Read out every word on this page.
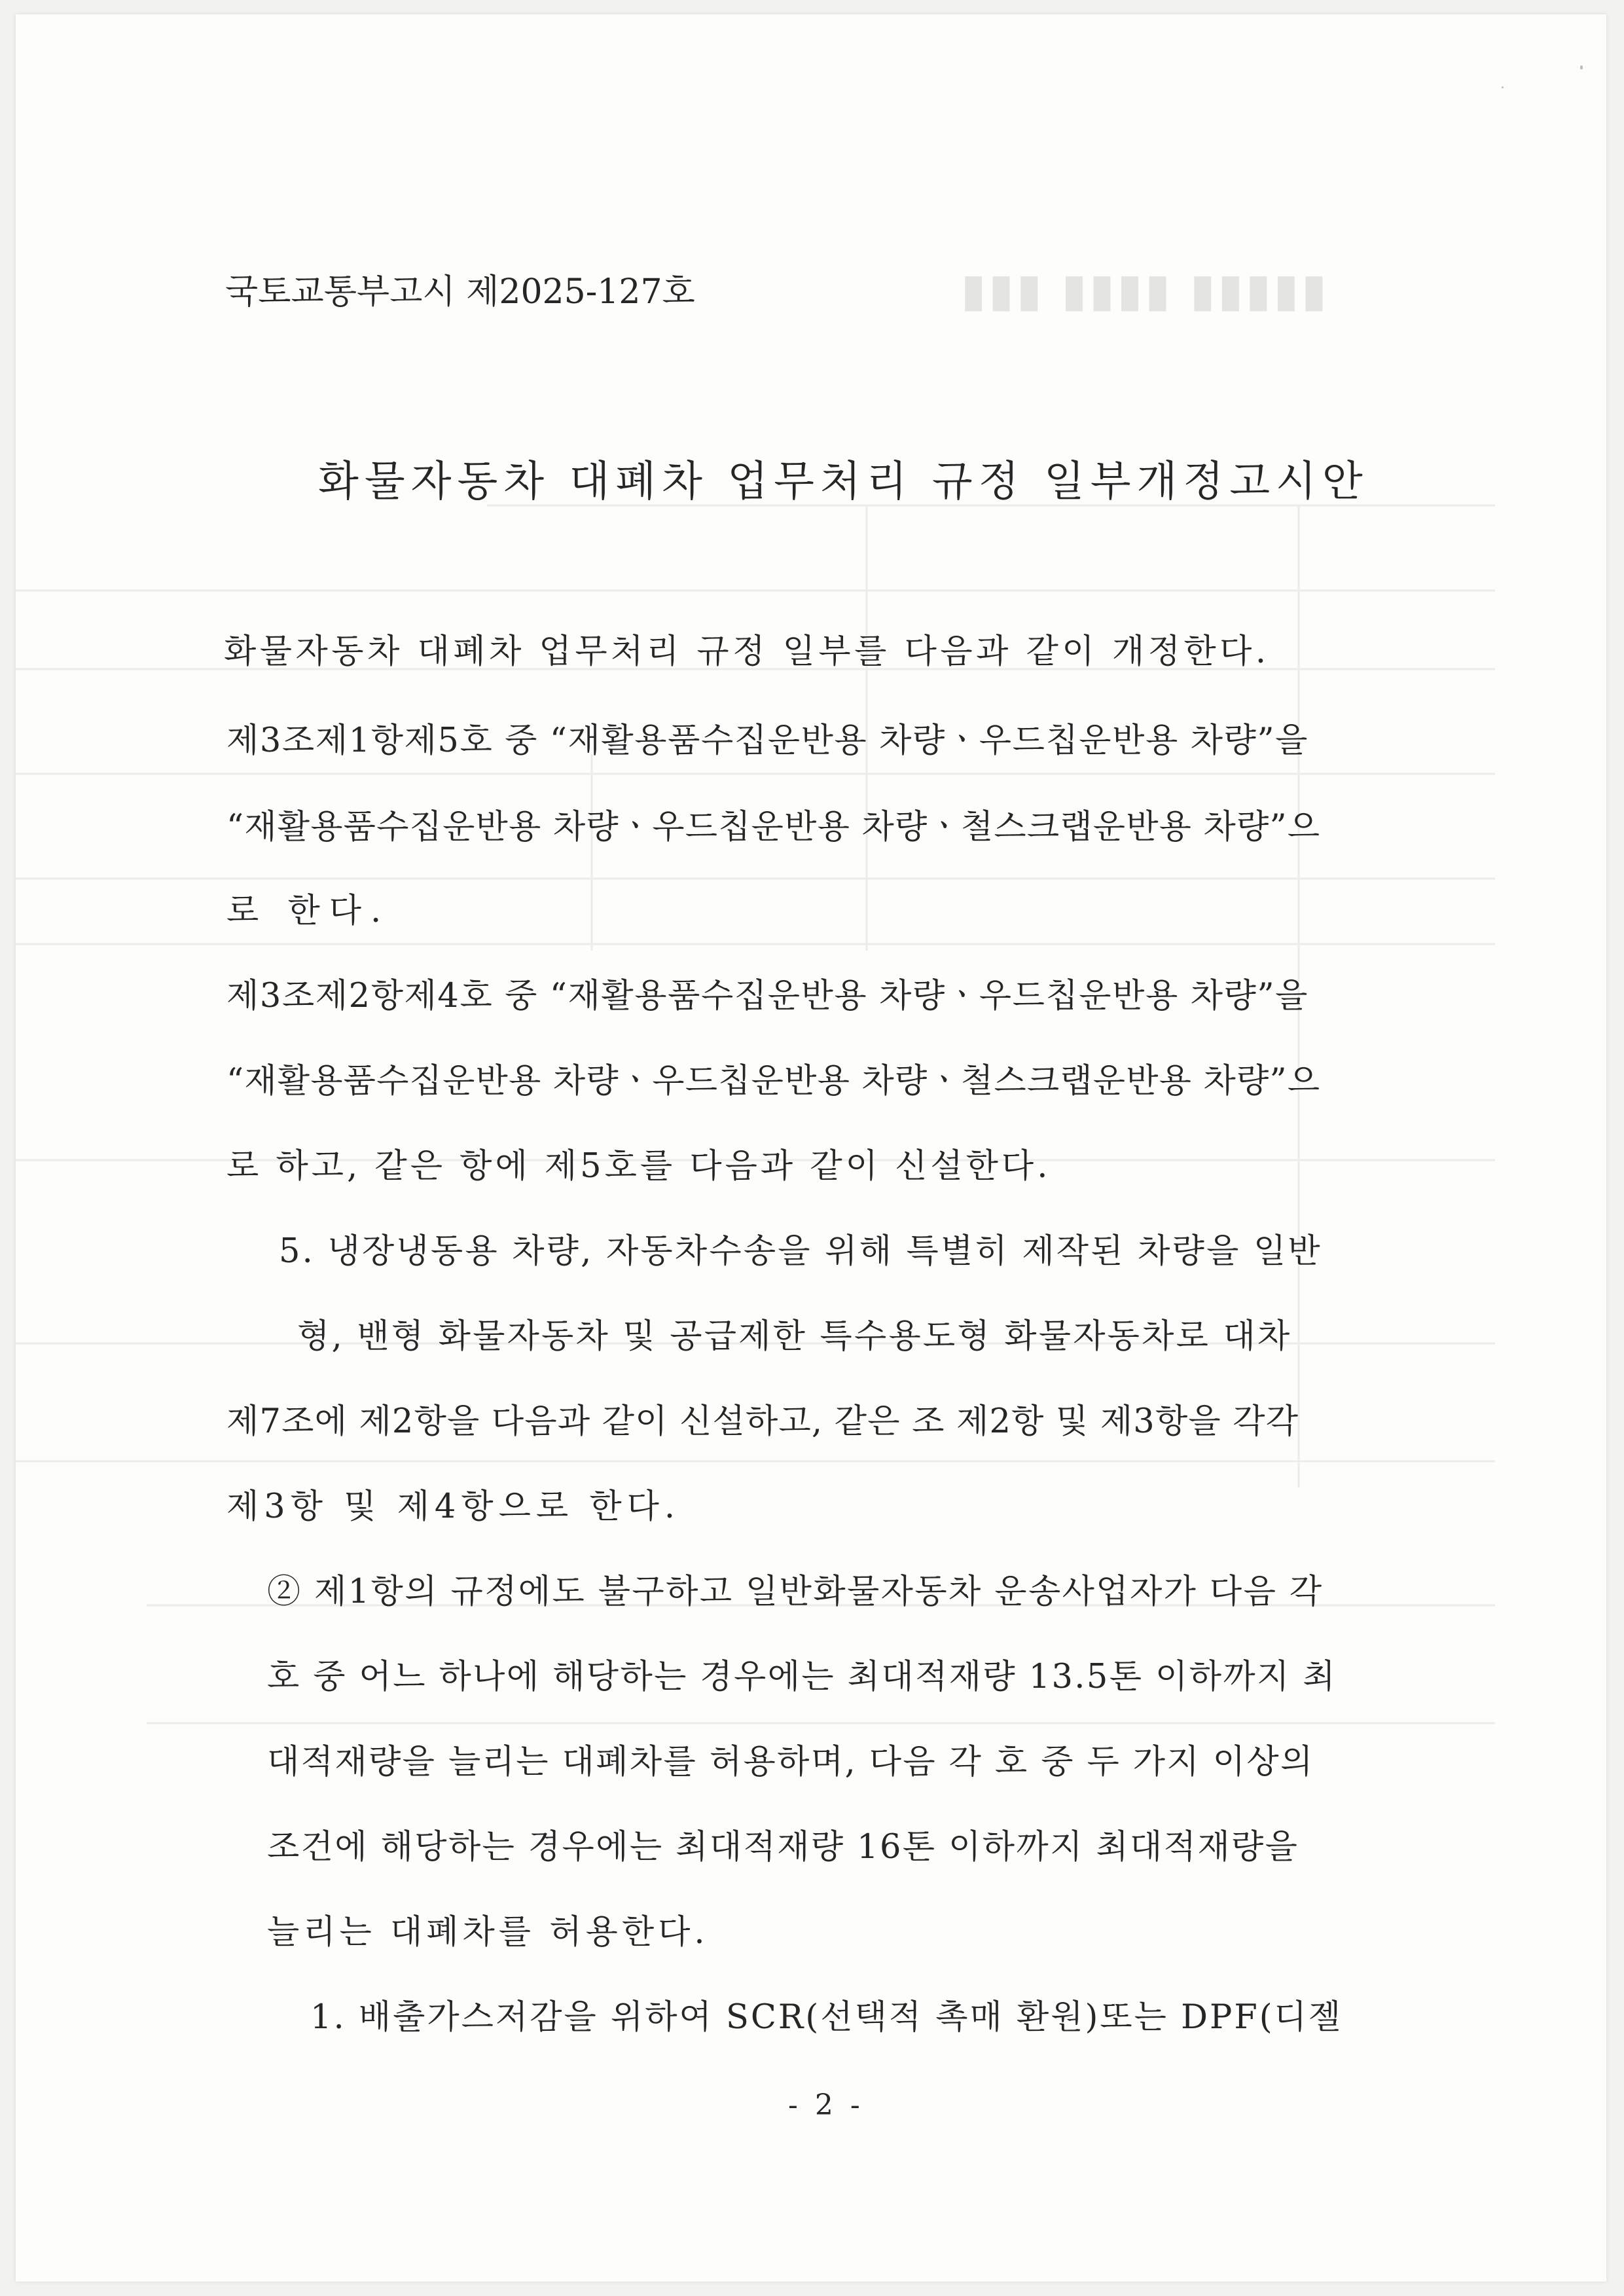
▮▮▮▮▮ ▮▮▮▮ ▮▮▮
국토교통부고시 제2025-127호
화물자동차 대폐차 업무처리 규정 일부개정고시안
화물자동차 대폐차 업무처리 규정 일부를 다음과 같이 개정한다.
제3조제1항제5호 중 “재활용품수집운반용 차량ㆍ우드칩운반용 차량”을
“재활용품수집운반용 차량ㆍ우드칩운반용 차량ㆍ철스크랩운반용 차량”으
로 한다.
제3조제2항제4호 중 “재활용품수집운반용 차량ㆍ우드칩운반용 차량”을
“재활용품수집운반용 차량ㆍ우드칩운반용 차량ㆍ철스크랩운반용 차량”으
로 하고, 같은 항에 제5호를 다음과 같이 신설한다.
5. 냉장냉동용 차량, 자동차수송을 위해 특별히 제작된 차량을 일반
형, 밴형 화물자동차 및 공급제한 특수용도형 화물자동차로 대차
제7조에 제2항을 다음과 같이 신설하고, 같은 조 제2항 및 제3항을 각각
제3항 및 제4항으로 한다.
② 제1항의 규정에도 불구하고 일반화물자동차 운송사업자가 다음 각
호 중 어느 하나에 해당하는 경우에는 최대적재량 13.5톤 이하까지 최
대적재량을 늘리는 대폐차를 허용하며, 다음 각 호 중 두 가지 이상의
조건에 해당하는 경우에는 최대적재량 16톤 이하까지 최대적재량을
늘리는 대폐차를 허용한다.
1. 배출가스저감을 위하여 SCR(선택적 촉매 환원)또는 DPF(디젤
- 2 -
